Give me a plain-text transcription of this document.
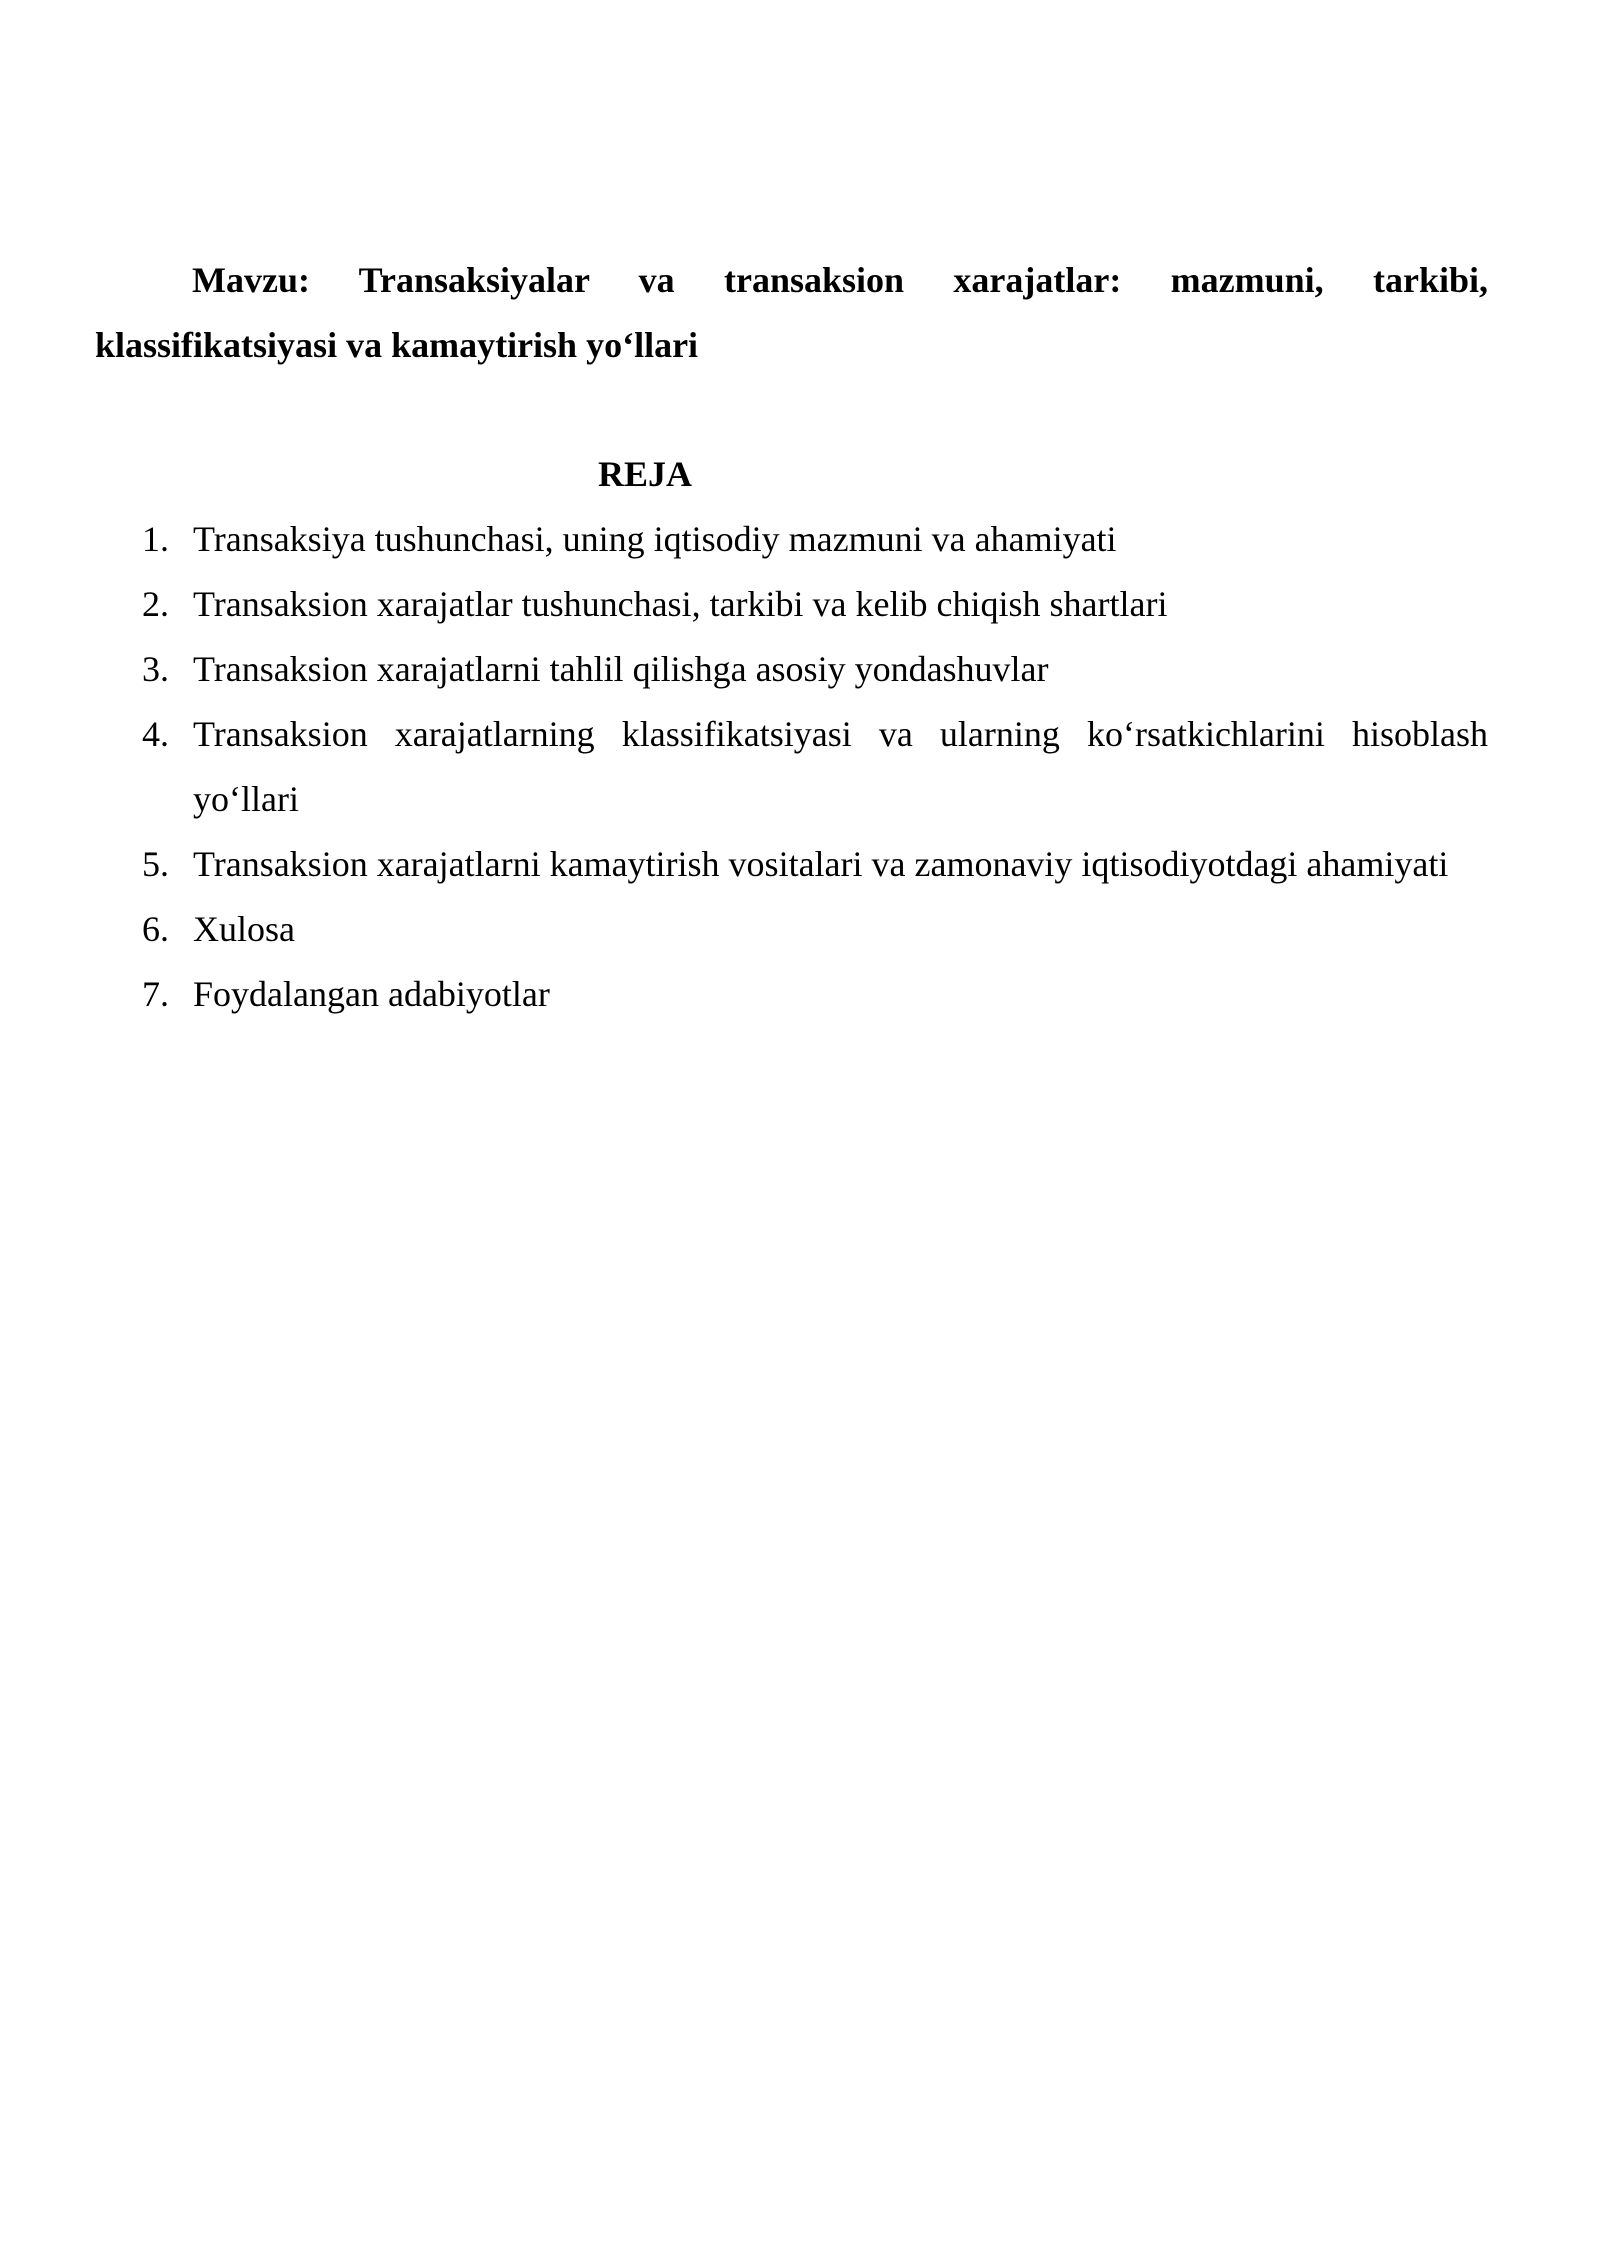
Mavzu: Transaksiyalar va transaksion xarajatlar: mazmuni, tarkibi, klassifikatsiyasi va kamaytirish yo‘llari

REJA
1. Transaksiya tushunchasi, uning iqtisodiy mazmuni va ahamiyati
2. Transaksion xarajatlar tushunchasi, tarkibi va kelib chiqish shartlari
3. Transaksion xarajatlarni tahlil qilishga asosiy yondashuvlar
4. Transaksion xarajatlarning klassifikatsiyasi va ularning ko‘rsatkichlarini hisoblash yo‘llari
5. Transaksion xarajatlarni kamaytirish vositalari va zamonaviy iqtisodiyotdagi ahamiyati
6. Xulosa
7. Foydalangan adabiyotlar
